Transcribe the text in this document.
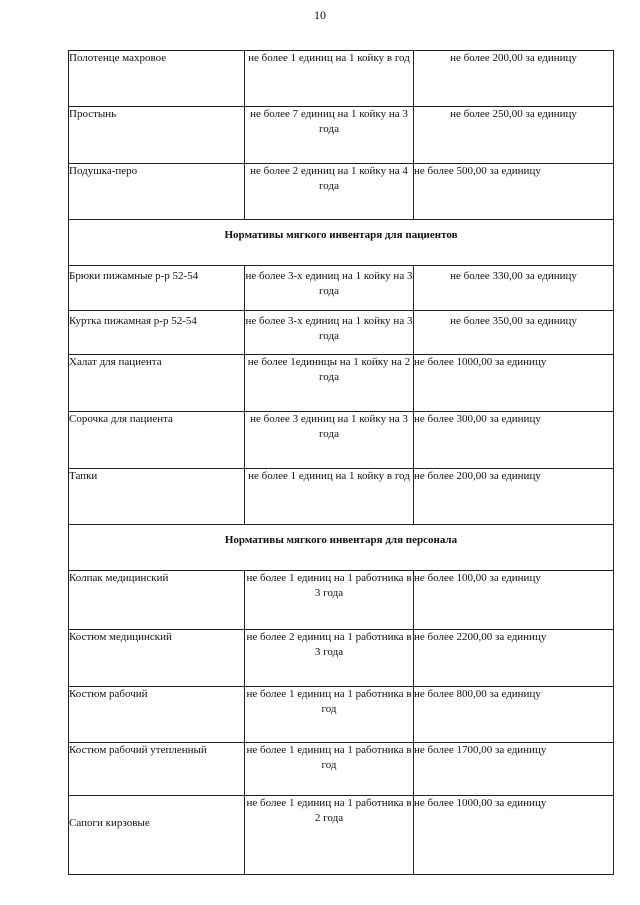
10
Полотенце махровое	не более 1 единиц на 1 койку в год	не более 200,00 за единицу
Простынь	не более 7 единиц на 1 койку на 3 года	не более 250,00 за единицу
Подушка-перо	не более 2 единиц на 1 койку на 4 года	не более 500,00 за единицу
Нормативы мягкого инвентаря для пациентов		
Брюки пижамные р-р 52-54	не более 3-х единиц на 1 койку на 3 года	не более 330,00 за единицу
Куртка пижамная р-р 52-54	не более 3-х единиц на 1 койку на 3 года	не более 350,00 за единицу
Халат для пациента	не более 1единицы на 1 койку на 2 года	не более 1000,00 за единицу
Сорочка для пациента	не более 3 единиц на 1 койку на 3 года	не более 300,00 за единицу
Тапки	не более 1 единиц на 1 койку в год	не более 200,00 за единицу
Нормативы мягкого инвентаря для персонала		
Колпак медицинский	не более 1 единиц на 1 работника в 3 года	не более 100,00 за единицу
Костюм медицинский	не более 2 единиц на 1 работника в 3 года	не более 2200,00 за единицу
Костюм рабочий	не более 1 единиц на 1 работника в год	не более 800,00 за единицу
Костюм рабочий утепленный	не более 1 единиц на 1 работника в год	не более 1700,00 за единицу
Сапоги кирзовые	не более 1 единиц на 1 работника в 2 года	не более 1000,00 за единицу
